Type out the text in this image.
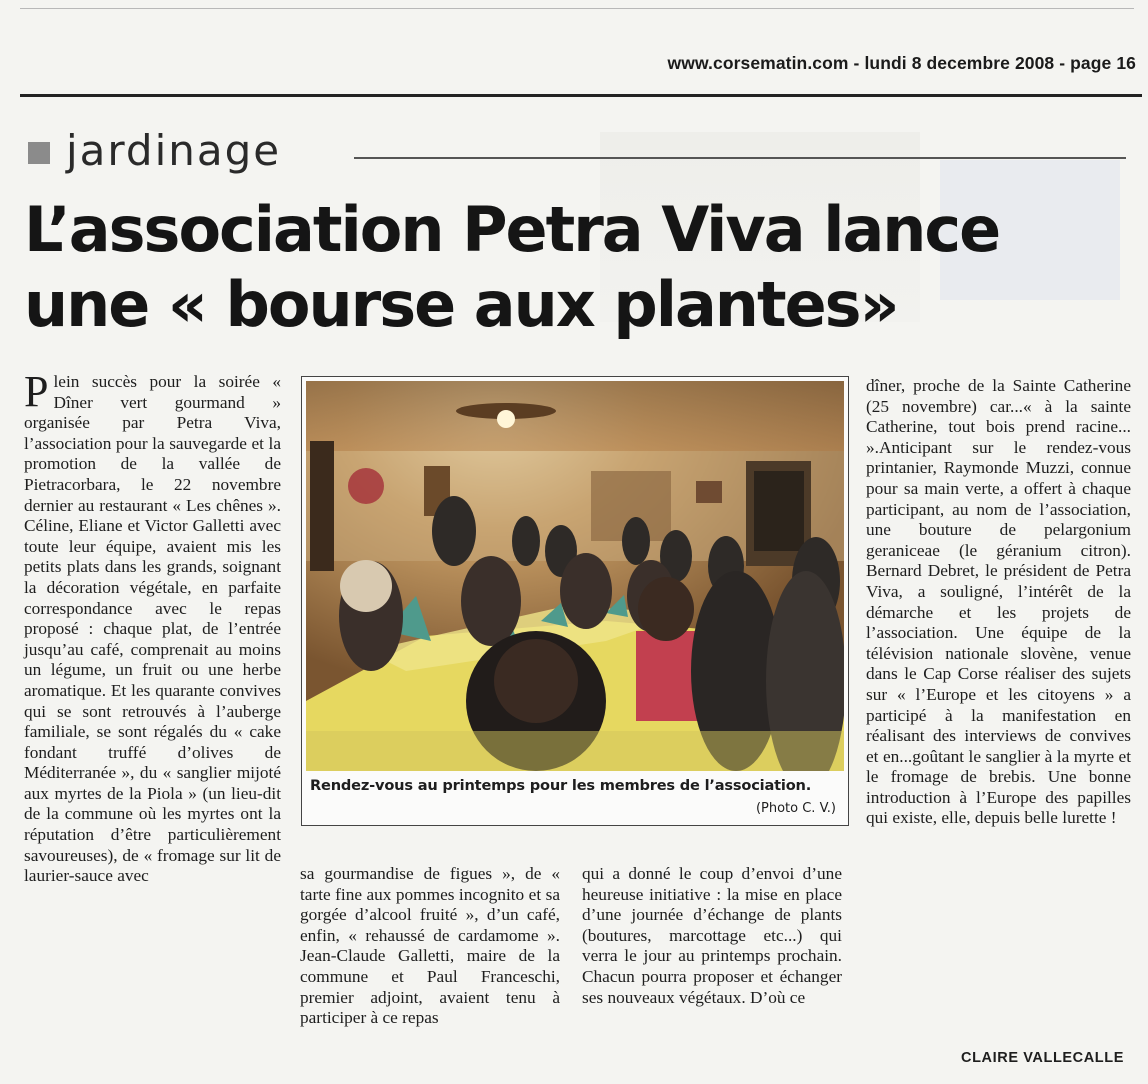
www.corsematin.com - lundi 8 decembre 2008 - page 16
jardinage
L’association Petra Viva lance une « bourse aux plantes»

Plein succès pour la soirée « Dîner vert gourmand » organisée par Petra Viva, l’association pour la sauvegarde et la promotion de la vallée de Pietracorbara, le 22 novembre dernier au restaurant « Les chênes ». Céline, Eliane et Victor Galletti avec toute leur équipe, avaient mis les petits plats dans les grands, soignant la décoration végétale, en parfaite correspondance avec le repas proposé : chaque plat, de l’entrée jusqu’au café, comprenait au moins un légume, un fruit ou une herbe aromatique. Et les quarante convives qui se sont retrouvés à l’auberge familiale, se sont régalés du « cake fondant truffé d’olives de Méditerranée », du « sanglier mijoté aux myrtes de la Piola » (un lieu-dit de la commune où les myrtes ont la réputation d’être particulièrement savoureuses), de « fromage sur lit de laurier-sauce avec

Rendez-vous au printemps pour les membres de l’association.
(Photo C. V.)

sa gourmandise de figues », de « tarte fine aux pommes incognito et sa gorgée d’alcool fruité », d’un café, enfin, « rehaussé de cardamome ». Jean-Claude Galletti, maire de la commune et Paul Franceschi, premier adjoint, avaient tenu à participer à ce repas

qui a donné le coup d’envoi d’une heureuse initiative : la mise en place d’une journée d’échange de plants (boutures, marcottage etc...) qui verra le jour au printemps prochain. Chacun pourra proposer et échanger ses nouveaux végétaux. D’où ce

dîner, proche de la Sainte Catherine (25 novembre) car...« à la sainte Catherine, tout bois prend racine... ».Anticipant sur le rendez-vous printanier, Raymonde Muzzi, connue pour sa main verte, a offert à chaque participant, au nom de l’association, une bouture de pelargonium geraniceae (le géranium citron). Bernard Debret, le président de Petra Viva, a souligné, l’intérêt de la démarche et les projets de l’association. Une équipe de la télévision nationale slovène, venue dans le Cap Corse réaliser des sujets sur « l’Europe et les citoyens » a participé à la manifestation en réalisant des interviews de convives et en...goûtant le sanglier à la myrte et le fromage de brebis. Une bonne introduction à l’Europe des papilles qui existe, elle, depuis belle lurette !

CLAIRE VALLECALLE
